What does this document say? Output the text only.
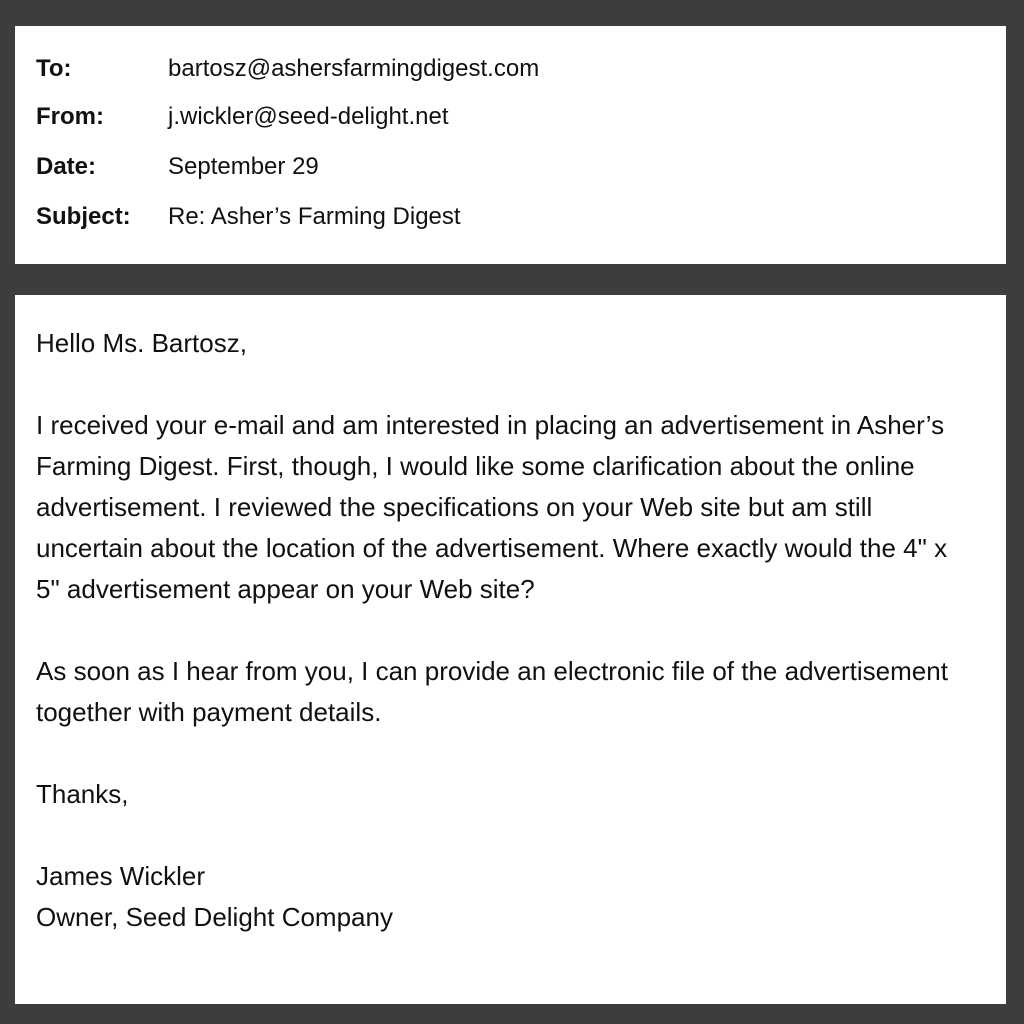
To:	bartosz@ashersfarmingdigest.com
From:	j.wickler@seed-delight.net
Date:	September 29
Subject: Re: Asher’s Farming Digest

Hello Ms. Bartosz,

I received your e-mail and am interested in placing an advertisement in Asher’s Farming Digest. First, though, I would like some clarification about the online advertisement. I reviewed the specifications on your Web site but am still uncertain about the location of the advertisement. Where exactly would the 4" x 5" advertisement appear on your Web site?

As soon as I hear from you, I can provide an electronic file of the advertisement together with payment details.

Thanks,

James Wickler

Owner, Seed Delight Company
